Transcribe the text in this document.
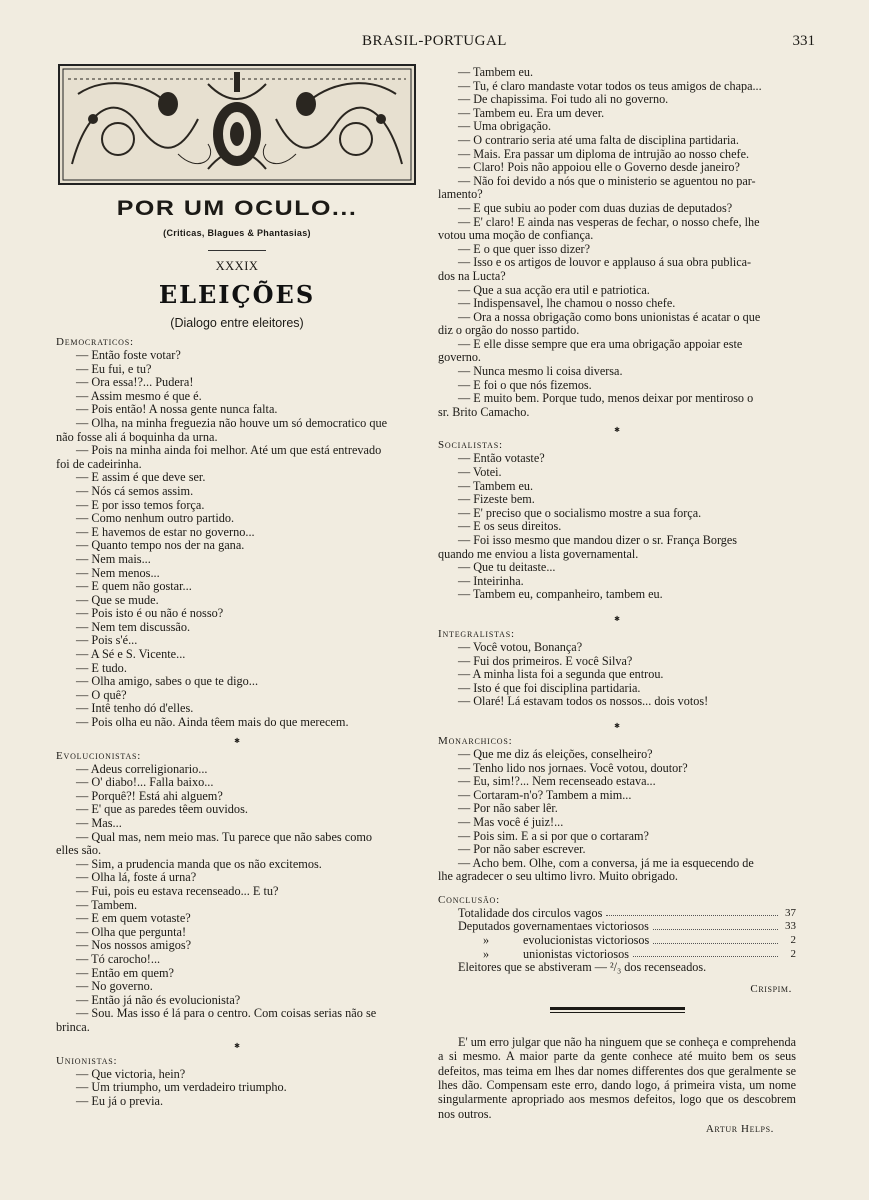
BRASIL-PORTUGAL	331
POR UM OCULO...
(Criticas, Blagues & Phantasias)
XXXIX
ELEIÇÕES
(Dialogo entre eleitores)
Democraticos:
— Então foste votar?
— Eu fui, e tu?
— Ora essa!?... Pudera!
— Assim mesmo é que é.
— Pois então! A nossa gente nunca falta.
— Olha, na minha freguezia não houve um só democratico que
não fosse ali á boquinha da urna.
— Pois na minha ainda foi melhor. Até um que está entrevado
foi de cadeirinha.
— E assim é que deve ser.
— Nós cá semos assim.
— E por isso temos força.
— Como nenhum outro partido.
— E havemos de estar no governo...
— Quanto tempo nos der na gana.
— Nem mais...
— Nem menos...
— E quem não gostar...
— Que se mude.
— Pois isto é ou não é nosso?
— Nem tem discussão.
— Pois s'é...
— A Sé e S. Vicente...
— E tudo.
— Olha amigo, sabes o que te digo...
— O quê?
— Intê tenho dó d'elles.
— Pois olha eu não. Ainda têem mais do que merecem.
✱
Evolucionistas:
— Adeus correligionario...
— O' diabo!... Falla baixo...
— Porquê?! Está ahi alguem?
— E' que as paredes têem ouvidos.
— Mas...
— Qual mas, nem meio mas. Tu parece que não sabes como
elles são.
— Sim, a prudencia manda que os não excitemos.
— Olha lá, foste á urna?
— Fui, pois eu estava recenseado... E tu?
— Tambem.
— E em quem votaste?
— Olha que pergunta!
— Nos nossos amigos?
— Tó carocho!...
— Então em quem?
— No governo.
— Então já não és evolucionista?
— Sou. Mas isso é lá para o centro. Com coisas serias não se
brinca.
✱
Unionistas:
— Que victoria, hein?
— Um triumpho, um verdadeiro triumpho.
— Eu já o previa.
— Tambem eu.
— Tu, é claro mandaste votar todos os teus amigos de chapa...
— De chapissima. Foi tudo ali no governo.
— Tambem eu. Era um dever.
— Uma obrigação.
— O contrario seria até uma falta de disciplina partidaria.
— Mais. Era passar um diploma de intrujão ao nosso chefe.
— Claro! Pois não appoiou elle o Governo desde janeiro?
— Não foi devido a nós que o ministerio se aguentou no par-
lamento?
— E que subiu ao poder com duas duzias de deputados?
— E' claro! E ainda nas vesperas de fechar, o nosso chefe, lhe
votou uma moção de confiança.
— E o que quer isso dizer?
— Isso e os artigos de louvor e applauso á sua obra publica-
dos na Lucta?
— Que a sua acção era util e patriotica.
— Indispensavel, lhe chamou o nosso chefe.
— Ora a nossa obrigação como bons unionistas é acatar o que
diz o orgão do nosso partido.
— E elle disse sempre que era uma obrigação appoiar este
governo.
— Nunca mesmo li coisa diversa.
— E foi o que nós fizemos.
— E muito bem. Porque tudo, menos deixar por mentiroso o
sr. Brito Camacho.
✱
Socialistas:
— Então votaste?
— Votei.
— Tambem eu.
— Fizeste bem.
— E' preciso que o socialismo mostre a sua força.
— E os seus direitos.
— Foi isso mesmo que mandou dizer o sr. França Borges
quando me enviou a lista governamental.
— Que tu deitaste...
— Inteirinha.
— Tambem eu, companheiro, tambem eu.
✱
Integralistas:
— Você votou, Bonança?
— Fui dos primeiros. E você Silva?
— A minha lista foi a segunda que entrou.
— Isto é que foi disciplina partidaria.
— Olaré! Lá estavam todos os nossos... dois votos!
✱
Monarchicos:
— Que me diz ás eleições, conselheiro?
— Tenho lido nos jornaes. Você votou, doutor?
— Eu, sim!?... Nem recenseado estava...
— Cortaram-n'o? Tambem a mim...
— Por não saber lêr.
— Mas você é juiz!...
— Pois sim. E a si por que o cortaram?
— Por não saber escrever.
— Acho bem. Olhe, com a conversa, já me ia esquecendo de
lhe agradecer o seu ultimo livro. Muito obrigado.
Conclusão:
Totalidade dos circulos vagos	37
Deputados governamentaes victoriosos	33
»	evolucionistas victoriosos	2
»	unionistas victoriosos	2
Eleitores que se abstiveram — ²/₃ dos recenseados.
Crispim.
E' um erro julgar que não ha ninguem que se conheça e comprehenda a si mesmo. A maior parte da gente conhece até muito bem os seus defeitos, mas teima em lhes dar nomes differentes dos que geralmente se lhes dão. Compensam este erro, dando logo, á primeira vista, um nome singularmente apropriado aos mesmos defeitos, logo que os descobrem nos outros.
Artur Helps.
